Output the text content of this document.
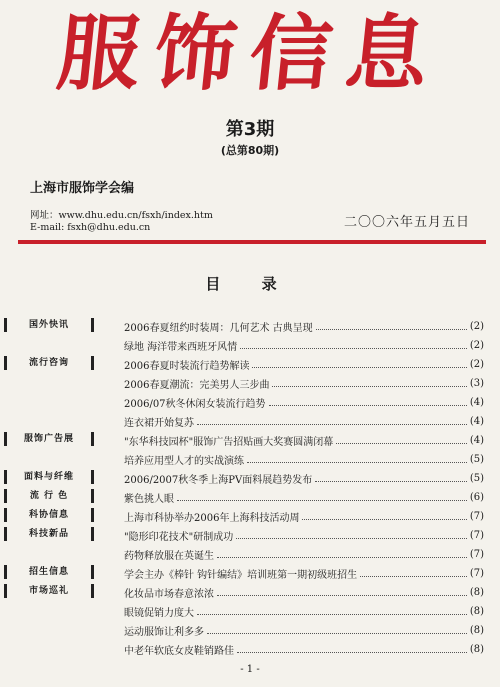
服饰信息
第3期
(总第80期)
上海市服饰学会编
网址：www.dhu.edu.cn/fsxh/index.htm
E-mail: fsxh@dhu.edu.cn	二〇〇六年五月五日
目 录
国外快讯	2006春夏纽约时装周：几何艺术 古典呈现	(2)
绿地 海洋带来西班牙风情	(2)
流行咨询	2006春夏时装流行趋势解读	(2)
2006春夏潮流：完美男人三步曲	(3)
2006/07秋冬休闲女装流行趋势	(4)
连衣裙开始复苏	(4)
服饰广告展	"东华科技园杯"服饰广告招贴画大奖赛圆满闭幕	(4)
培养应用型人才的实战演练	(5)
面料与纤维	2006/2007秋冬季上海PV面料展趋势发布	(5)
流 行 色	紫色挑人眼	(6)
科协信息	上海市科协举办2006年上海科技活动周	(7)
科技新品	"隐形印花技术"研制成功	(7)
药物释放服在英诞生	(7)
招生信息	学会主办《棒针 钩针编结》培训班第一期初级班招生	(7)
市场巡礼	化妆品市场春意浓浓	(8)
眼镜促销力度大	(8)
运动服饰让利多多	(8)
中老年软底女皮鞋销路佳	(8)
- 1 -
